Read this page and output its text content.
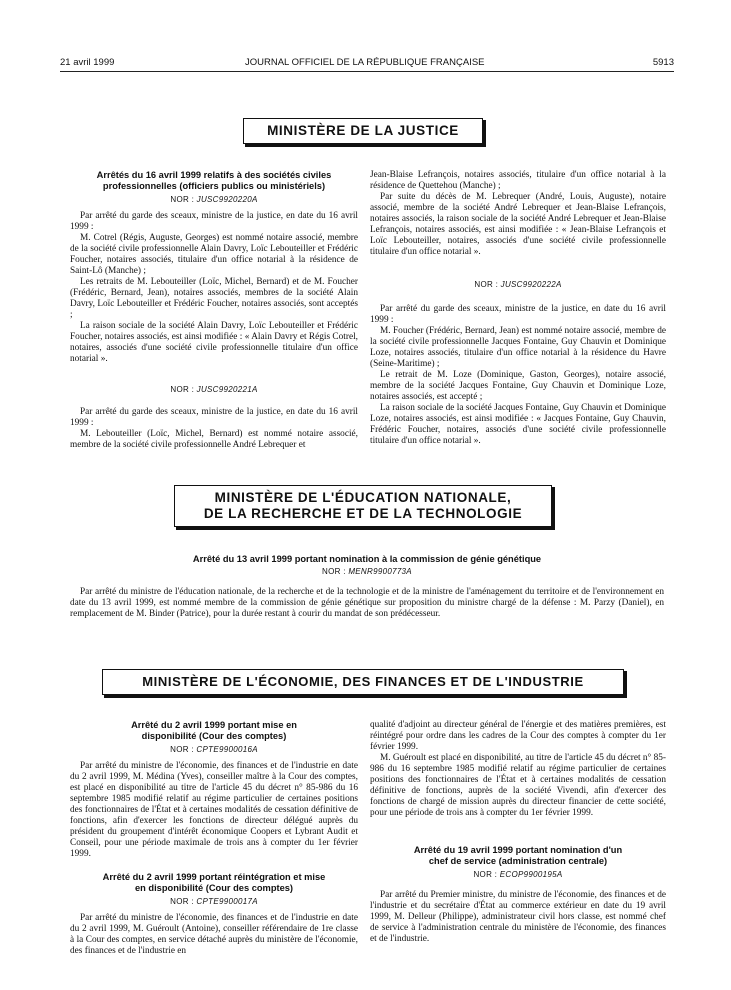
21 avril 1999	JOURNAL OFFICIEL DE LA RÉPUBLIQUE FRANÇAISE	5913
MINISTÈRE DE LA JUSTICE
Arrêtés du 16 avril 1999 relatifs à des sociétés civiles professionnelles (officiers publics ou ministériels)
NOR : JUSC9920220A

Par arrêté du garde des sceaux, ministre de la justice, en date du 16 avril 1999 :

M. Cotrel (Régis, Auguste, Georges) est nommé notaire associé, membre de la société civile professionnelle Alain Davry, Loïc Lebouteiller et Frédéric Foucher, notaires associés, titulaire d'un office notarial à la résidence de Saint-Lô (Manche) ;

Les retraits de M. Lebouteiller (Loïc, Michel, Bernard) et de M. Foucher (Frédéric, Bernard, Jean), notaires associés, membres de la société Alain Davry, Loïc Lebouteiller et Frédéric Foucher, notaires associés, sont acceptés ;

La raison sociale de la société Alain Davry, Loïc Lebouteiller et Frédéric Foucher, notaires associés, est ainsi modifiée : « Alain Davry et Régis Cotrel, notaires, associés d'une société civile professionnelle titulaire d'un office notarial ».

NOR : JUSC9920221A

Par arrêté du garde des sceaux, ministre de la justice, en date du 16 avril 1999 :

M. Lebouteiller (Loïc, Michel, Bernard) est nommé notaire associé, membre de la société civile professionnelle André Lebrequer et

Jean-Blaise Lefrançois, notaires associés, titulaire d'un office notarial à la résidence de Quettehou (Manche) ;

Par suite du décès de M. Lebrequer (André, Louis, Auguste), notaire associé, membre de la société André Lebrequer et Jean-Blaise Lefrançois, notaires associés, la raison sociale de la société André Lebrequer et Jean-Blaise Lefrançois, notaires associés, est ainsi modifiée : « Jean-Blaise Lefrançois et Loïc Lebouteiller, notaires, associés d'une société civile professionnelle titulaire d'un office notarial ».

NOR : JUSC9920222A

Par arrêté du garde des sceaux, ministre de la justice, en date du 16 avril 1999 :

M. Foucher (Frédéric, Bernard, Jean) est nommé notaire associé, membre de la société civile professionnelle Jacques Fontaine, Guy Chauvin et Dominique Loze, notaires associés, titulaire d'un office notarial à la résidence du Havre (Seine-Maritime) ;

Le retrait de M. Loze (Dominique, Gaston, Georges), notaire associé, membre de la société Jacques Fontaine, Guy Chauvin et Dominique Loze, notaires associés, est accepté ;

La raison sociale de la société Jacques Fontaine, Guy Chauvin et Dominique Loze, notaires associés, est ainsi modifiée : « Jacques Fontaine, Guy Chauvin, Frédéric Foucher, notaires, associés d'une société civile professionnelle titulaire d'un office notarial ».

MINISTÈRE DE L'ÉDUCATION NATIONALE,
DE LA RECHERCHE ET DE LA TECHNOLOGIE
Arrêté du 13 avril 1999 portant nomination à la commission de génie génétique
NOR : MENR9900773A

Par arrêté du ministre de l'éducation nationale, de la recherche et de la technologie et de la ministre de l'aménagement du territoire et de l'environnement en date du 13 avril 1999, est nommé membre de la commission de génie génétique sur proposition du ministre chargé de la défense : M. Parzy (Daniel), en remplacement de M. Binder (Patrice), pour la durée restant à courir du mandat de son prédécesseur.

MINISTÈRE DE L'ÉCONOMIE, DES FINANCES ET DE L'INDUSTRIE
Arrêté du 2 avril 1999 portant mise en disponibilité (Cour des comptes)
NOR : CPTE9900016A

Par arrêté du ministre de l'économie, des finances et de l'industrie en date du 2 avril 1999, M. Médina (Yves), conseiller maître à la Cour des comptes, est placé en disponibilité au titre de l'article 45 du décret n° 85-986 du 16 septembre 1985 modifié relatif au régime particulier de certaines positions des fonctionnaires de l'État et à certaines modalités de cessation définitive de fonctions, afin d'exercer les fonctions de directeur délégué auprès du président du groupement d'intérêt économique Coopers et Lybrant Audit et Conseil, pour une période maximale de trois ans à compter du 1er février 1999.

Arrêté du 2 avril 1999 portant réintégration et mise en disponibilité (Cour des comptes)
NOR : CPTE9900017A

Par arrêté du ministre de l'économie, des finances et de l'industrie en date du 2 avril 1999, M. Guéroult (Antoine), conseiller référendaire de 1re classe à la Cour des comptes, en service détaché auprès du ministère de l'économie, des finances et de l'industrie en

qualité d'adjoint au directeur général de l'énergie et des matières premières, est réintégré pour ordre dans les cadres de la Cour des comptes à compter du 1er février 1999.

M. Guéroult est placé en disponibilité, au titre de l'article 45 du décret n° 85-986 du 16 septembre 1985 modifié relatif au régime particulier de certaines positions des fonctionnaires de l'État et à certaines modalités de cessation définitive de fonctions, auprès de la société Vivendi, afin d'exercer des fonctions de chargé de mission auprès du directeur financier de cette société, pour une période de trois ans à compter du 1er février 1999.

Arrêté du 19 avril 1999 portant nomination d'un chef de service (administration centrale)
NOR : ECOP9900195A

Par arrêté du Premier ministre, du ministre de l'économie, des finances et de l'industrie et du secrétaire d'État au commerce extérieur en date du 19 avril 1999, M. Delleur (Philippe), administrateur civil hors classe, est nommé chef de service à l'administration centrale du ministère de l'économie, des finances et de l'industrie.
